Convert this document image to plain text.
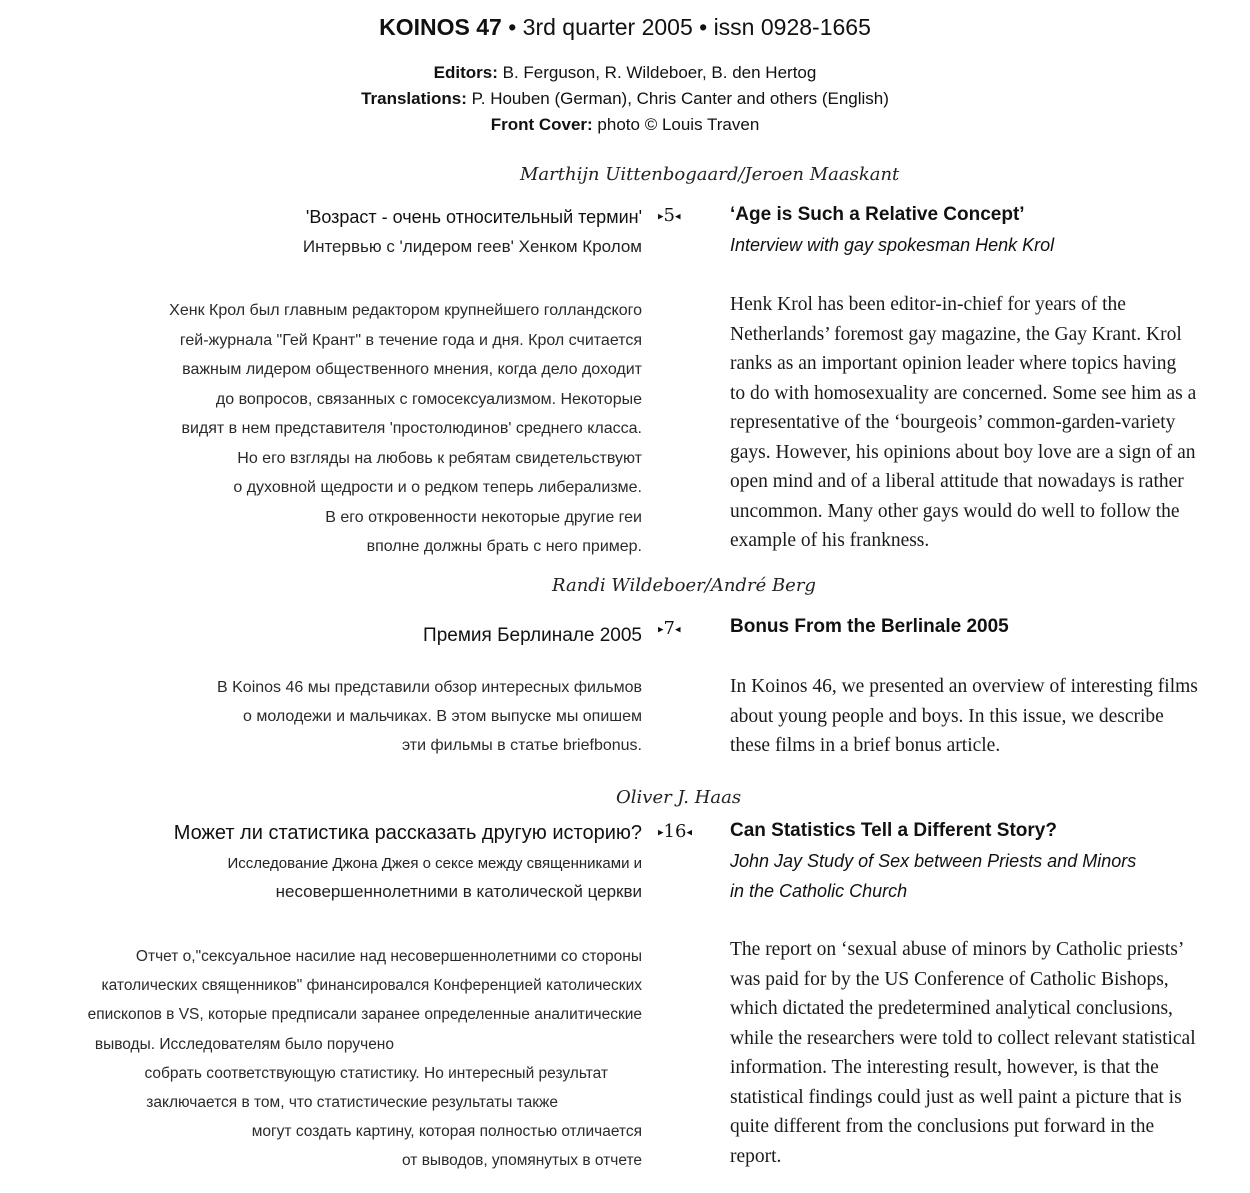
KOINOS 47 • 3rd quarter 2005 • issn 0928-1665
Editors: B. Ferguson, R. Wildeboer, B. den Hertog
Translations: P. Houben (German), Chris Canter and others (English)
Front Cover: photo © Louis Traven
Marthijn Uittenbogaard/Jeroen Maaskant
'Возраст - очень относительный термин' ▸5◂	‘Age is Such a Relative Concept’
Интервью с 'лидером геев' Хенком Кролом	Interview with gay spokesman Henk Krol
Хенк Крол был главным редактором крупнейшего голландского
гей-журнала "Гей Крант" в течение года и дня. Крол считается
важным лидером общественного мнения, когда дело доходит
до вопросов, связанных с гомосексуализмом. Некоторые
видят в нем представителя 'простолюдинов' среднего класса.
Но его взгляды на любовь к ребятам свидетельствуют
о духовной щедрости и о редком теперь либерализме.
В его откровенности некоторые другие геи
вполне должны брать с него пример.
Henk Krol has been editor-in-chief for years of the
Netherlands’ foremost gay magazine, the Gay Krant. Krol
ranks as an important opinion leader where topics having
to do with homosexuality are concerned. Some see him as a
representative of the ‘bourgeois’ common-garden-variety
gays. However, his opinions about boy love are a sign of an
open mind and of a liberal attitude that nowadays is rather
uncommon. Many other gays would do well to follow the
example of his frankness.
Randi Wildeboer/André Berg
Премия Берлинале 2005 ▸7◂	Bonus From the Berlinale 2005
В Koinos 46 мы представили обзор интересных фильмов
о молодежи и мальчиках. В этом выпуске мы опишем
эти фильмы в статье briefbonus.
In Koinos 46, we presented an overview of interesting films
about young people and boys. In this issue, we describe
these films in a brief bonus article.
Oliver J. Haas
Может ли статистика рассказать другую историю? ▸16◂ Can Statistics Tell a Different Story?
Исследование Джона Джея о сексе между священниками и	John Jay Study of Sex between Priests and Minors
несовершеннолетними в католической церкви	in the Catholic Church
Отчет о,"сексуальное насилие над несовершеннолетними со стороны
католических священников" финансировался Конференцией католических
епископов в VS, которые предписали заранее определенные аналитические
выводы. Исследователям было поручено
собрать соответствующую статистику. Но интересный результат
заключается в том, что статистические результаты также
могут создать картину, которая полностью отличается
от выводов, упомянутых в отчете
The report on ‘sexual abuse of minors by Catholic priests’
was paid for by the US Conference of Catholic Bishops,
which dictated the predetermined analytical conclusions,
while the researchers were told to collect relevant statistical
information. The interesting result, however, is that the
statistical findings could just as well paint a picture that is
quite different from the conclusions put forward in the
report.
